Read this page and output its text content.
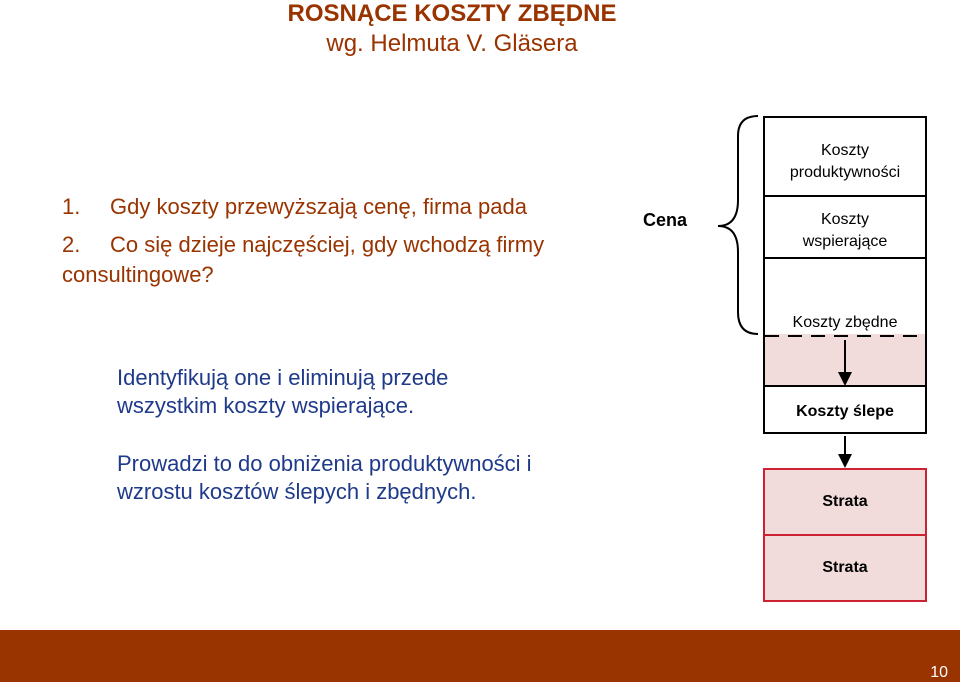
ROSNĄCE KOSZTY ZBĘDNE
wg. Helmuta V. Gläsera
1. Gdy koszty przewyższają cenę, firma pada
2. Co się dzieje najczęściej, gdy wchodzą firmy
consultingowe?

Identyfikują one i eliminują przede
wszystkim koszty wspierające.

Prowadzi to do obniżenia produktywności i
wzrostu kosztów ślepych i zbędnych.

Cena
Koszty
produktywności
Koszty
wspierające
Koszty zbędne
Koszty ślepe
Strata
Strata
10
